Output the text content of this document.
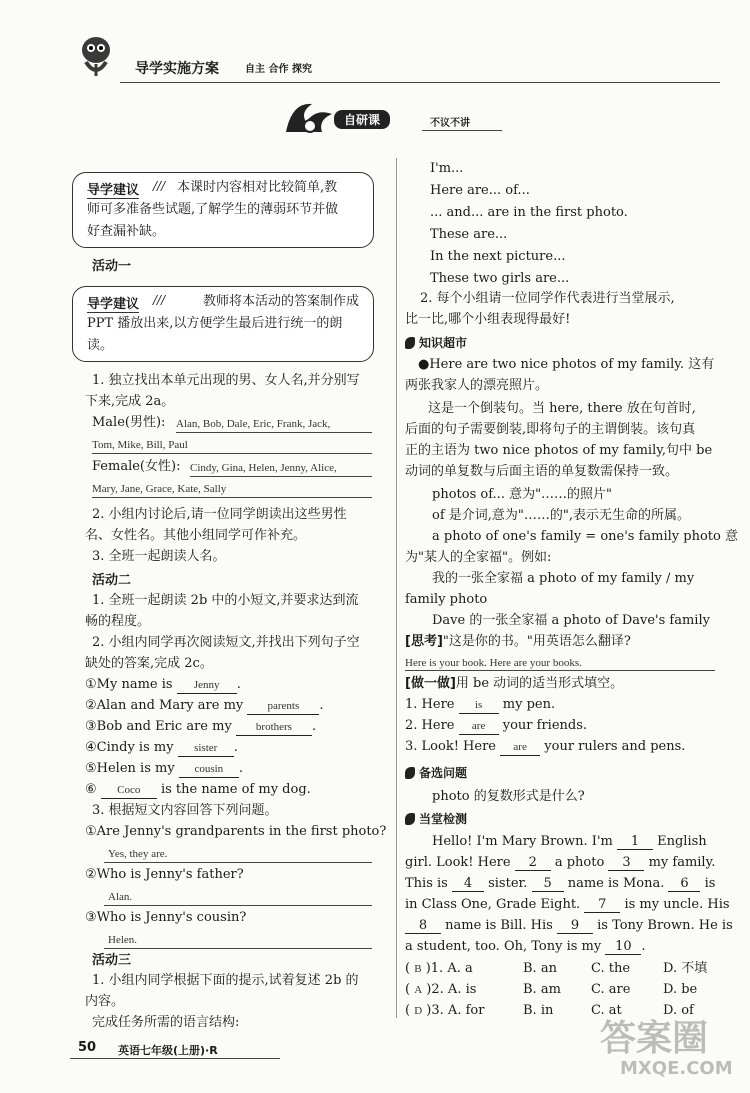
导学实施方案	自主 合作 探究
自研课	不议不讲
导学建议 /// 本课时内容相对比较简单,教
师可多准备些试题,了解学生的薄弱环节并做
好查漏补缺。
活动一
导学建议 ///	教师将本活动的答案制作成
PPT 播放出来,以方便学生最后进行统一的朗
读。
1. 独立找出本单元出现的男、女人名,并分别写
下来,完成 2a。
Male(男性): Alan, Bob, Dale, Eric, Frank, Jack,
Tom, Mike, Bill, Paul
Female(女性): Cindy, Gina, Helen, Jenny, Alice,
Mary, Jane, Grace, Kate, Sally
2. 小组内讨论后,请一位同学朗读出这些男性
名、女性名。其他小组同学可作补充。
3. 全班一起朗读人名。
活动二
1. 全班一起朗读 2b 中的小短文,并要求达到流
畅的程度。
2. 小组内同学再次阅读短文,并找出下列句子空
缺处的答案,完成 2c。
①My name is Jenny .
②Alan and Mary are my parents .
③Bob and Eric are my brothers .
④Cindy is my sister .
⑤Helen is my cousin .
⑥ Coco is the name of my dog.
3. 根据短文内容回答下列问题。
①Are Jenny's grandparents in the first photo?
Yes, they are.
②Who is Jenny's father?
Alan.
③Who is Jenny's cousin?
Helen.
活动三
1. 小组内同学根据下面的提示,试着复述 2b 的
内容。
完成任务所需的语言结构:
50 英语七年级(上册)·R
I'm...
Here are... of...
... and... are in the first photo.
These are...
In the next picture...
These two girls are...
2. 每个小组请一位同学作代表进行当堂展示,
比一比,哪个小组表现得最好!
知识超市
●Here are two nice photos of my family. 这有
两张我家人的漂亮照片。
这是一个倒装句。当 here, there 放在句首时,
后面的句子需要倒装,即将句子的主谓倒装。该句真
正的主语为 two nice photos of my family,句中 be
动词的单复数与后面主语的单复数需保持一致。
photos of... 意为"……的照片"
of 是介词,意为"……的",表示无生命的所属。
a photo of one's family = one's family photo 意
为"某人的全家福"。例如:
我的一张全家福 a photo of my family / my
family photo
Dave 的一张全家福 a photo of Dave's family
[思考]"这是你的书。"用英语怎么翻译?
Here is your book. Here are your books.
[做一做]用 be 动词的适当形式填空。
1. Here is my pen.
2. Here are your friends.
3. Look! Here are your rulers and pens.
备选问题
photo 的复数形式是什么?
当堂检测
Hello! I'm Mary Brown. I'm 1 English
girl. Look! Here 2 a photo 3 my family.
This is 4 sister. 5 name is Mona. 6 is
in Class One, Grade Eight. 7 is my uncle. His
8 name is Bill. His 9 is Tony Brown. He is
a student, too. Oh, Tony is my 10 .
( B )1. A. a	B. an	C. the	D. 不填
( A )2. A. is	B. am C. are	D. be
( D )3. A. for	B. in	C. at	D. of
答案圈
MXQE.COM
